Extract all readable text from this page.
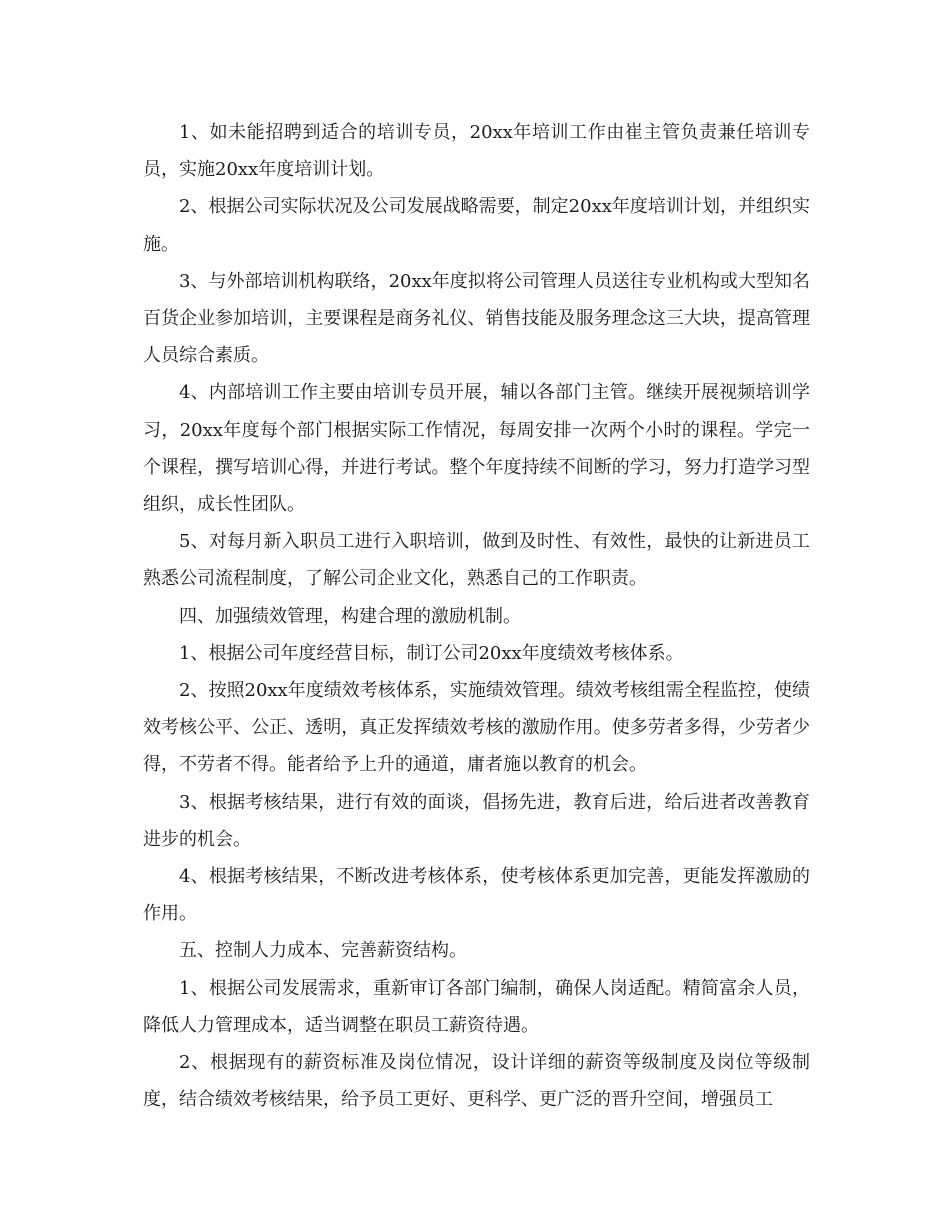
1、如未能招聘到适合的培训专员，20xx年培训工作由崔主管负责兼任培训专员，实施20xx年度培训计划。

2、根据公司实际状况及公司发展战略需要，制定20xx年度培训计划，并组织实施。

3、与外部培训机构联络，20xx年度拟将公司管理人员送往专业机构或大型知名百货企业参加培训，主要课程是商务礼仪、销售技能及服务理念这三大块，提高管理人员综合素质。

4、内部培训工作主要由培训专员开展，辅以各部门主管。继续开展视频培训学习，20xx年度每个部门根据实际工作情况，每周安排一次两个小时的课程。学完一个课程，撰写培训心得，并进行考试。整个年度持续不间断的学习，努力打造学习型组织，成长性团队。

5、对每月新入职员工进行入职培训，做到及时性、有效性，最快的让新进员工熟悉公司流程制度，了解公司企业文化，熟悉自己的工作职责。

四、加强绩效管理，构建合理的激励机制。

1、根据公司年度经营目标，制订公司20xx年度绩效考核体系。

2、按照20xx年度绩效考核体系，实施绩效管理。绩效考核组需全程监控，使绩效考核公平、公正、透明，真正发挥绩效考核的激励作用。使多劳者多得，少劳者少得，不劳者不得。能者给予上升的通道，庸者施以教育的机会。

3、根据考核结果，进行有效的面谈，倡扬先进，教育后进，给后进者改善教育进步的机会。

4、根据考核结果，不断改进考核体系，使考核体系更加完善，更能发挥激励的作用。

五、控制人力成本、完善薪资结构。

1、根据公司发展需求，重新审订各部门编制，确保人岗适配。精简富余人员，降低人力管理成本，适当调整在职员工薪资待遇。

2、根据现有的薪资标准及岗位情况，设计详细的薪资等级制度及岗位等级制度，结合绩效考核结果，给予员工更好、更科学、更广泛的晋升空间，增强员工
